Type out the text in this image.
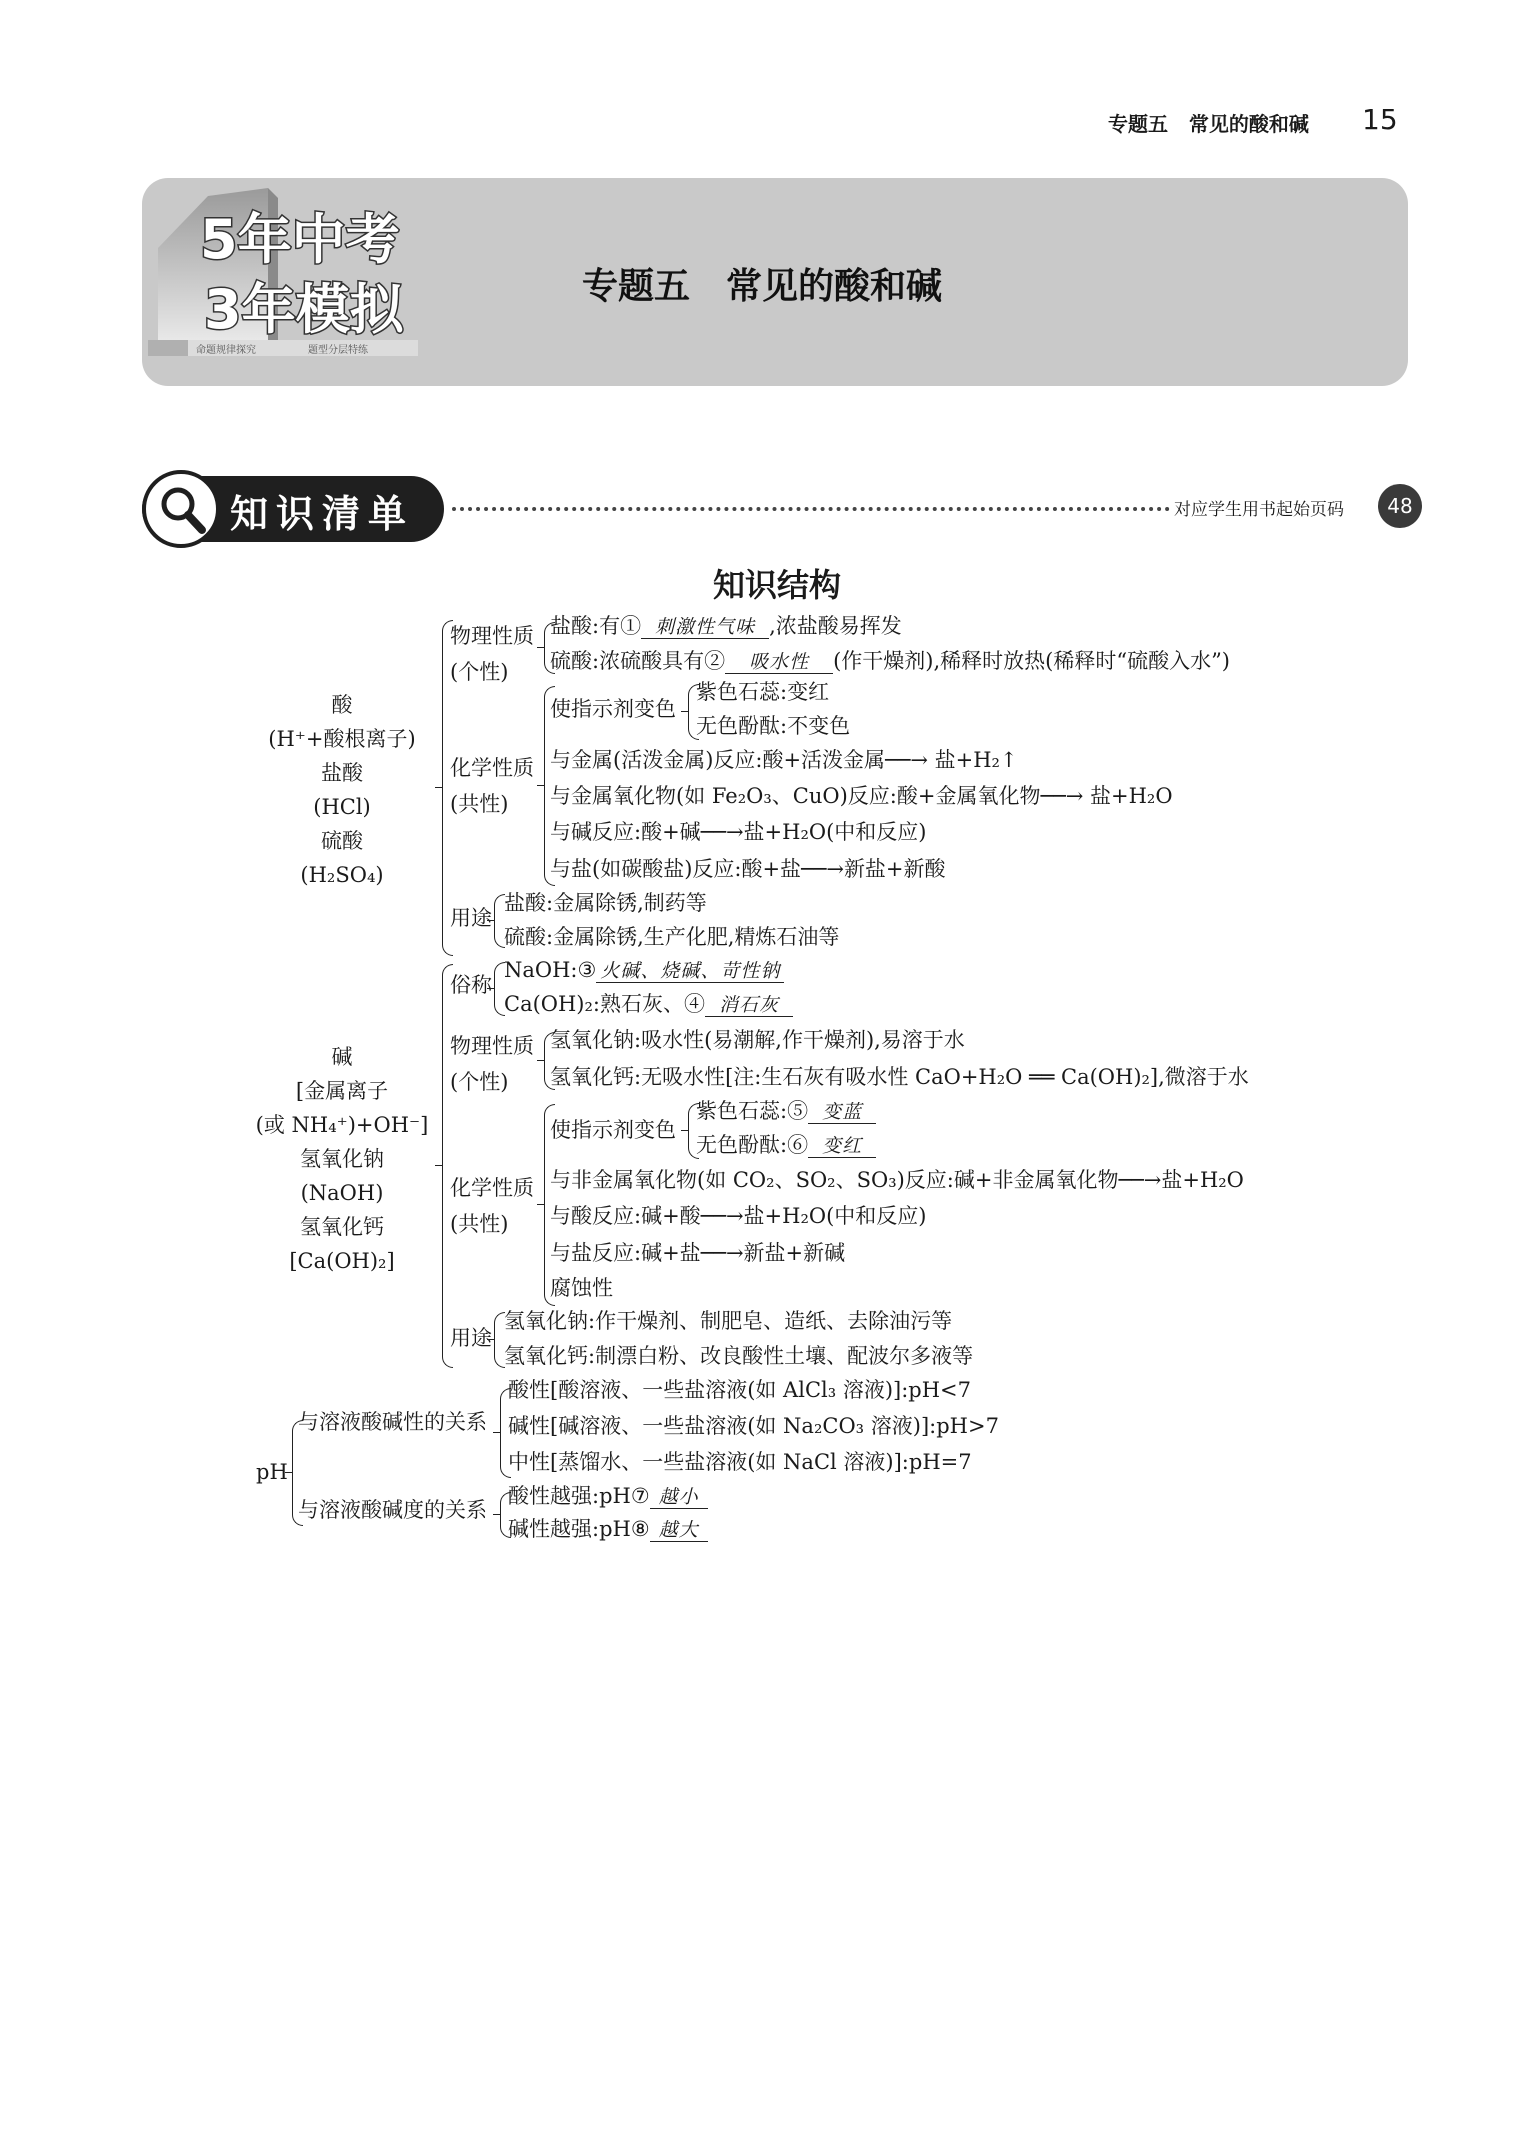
专题五 常见的酸和碱 15
命题规律探究	题型分层特练
5年中考
3年模拟	专题五　常见的酸和碱
知识清单	对应学生用书起始页码	48
知识结构
酸
(H⁺+酸根离子)
盐酸
(HCl)
硫酸
(H₂SO₄)
物理性质
(个性)
盐酸:有① 刺激性气味 ,浓盐酸易挥发
硫酸:浓硫酸具有② 吸水性 (作干燥剂),稀释时放热(稀释时“硫酸入水”)
化学性质
(共性)
使指示剂变色
紫色石蕊:变红
无色酚酞:不变色
与金属(活泼金属)反应:酸+活泼金属──→ 盐+H₂↑
与金属氧化物(如 Fe₂O₃、CuO)反应:酸+金属氧化物──→ 盐+H₂O
与碱反应:酸+碱──→盐+H₂O(中和反应)
与盐(如碳酸盐)反应:酸+盐──→新盐+新酸
用途
盐酸:金属除锈,制药等
硫酸:金属除锈,生产化肥,精炼石油等
碱
[金属离子
(或 NH₄⁺)+OH⁻]
氢氧化钠
(NaOH)
氢氧化钙
[Ca(OH)₂]
俗称
NaOH:③ 火碱、烧碱、苛性钠
Ca(OH)₂:熟石灰、④ 消石灰
物理性质
(个性)
氢氧化钠:吸水性(易潮解,作干燥剂),易溶于水
氢氧化钙:无吸水性[注:生石灰有吸水性 CaO+H₂O ══ Ca(OH)₂],微溶于水
化学性质
(共性)
使指示剂变色
紫色石蕊:⑤ 变蓝
无色酚酞:⑥ 变红
与非金属氧化物(如 CO₂、SO₂、SO₃)反应:碱+非金属氧化物──→盐+H₂O
与酸反应:碱+酸──→盐+H₂O(中和反应)
与盐反应:碱+盐──→新盐+新碱
腐蚀性
用途
氢氧化钠:作干燥剂、制肥皂、造纸、去除油污等
氢氧化钙:制漂白粉、改良酸性土壤、配波尔多液等
pH
与溶液酸碱性的关系
酸性[酸溶液、一些盐溶液(如 AlCl₃ 溶液)]:pH<7
碱性[碱溶液、一些盐溶液(如 Na₂CO₃ 溶液)]:pH>7
中性[蒸馏水、一些盐溶液(如 NaCl 溶液)]:pH=7
与溶液酸碱度的关系
酸性越强:pH⑦ 越小
碱性越强:pH⑧ 越大
